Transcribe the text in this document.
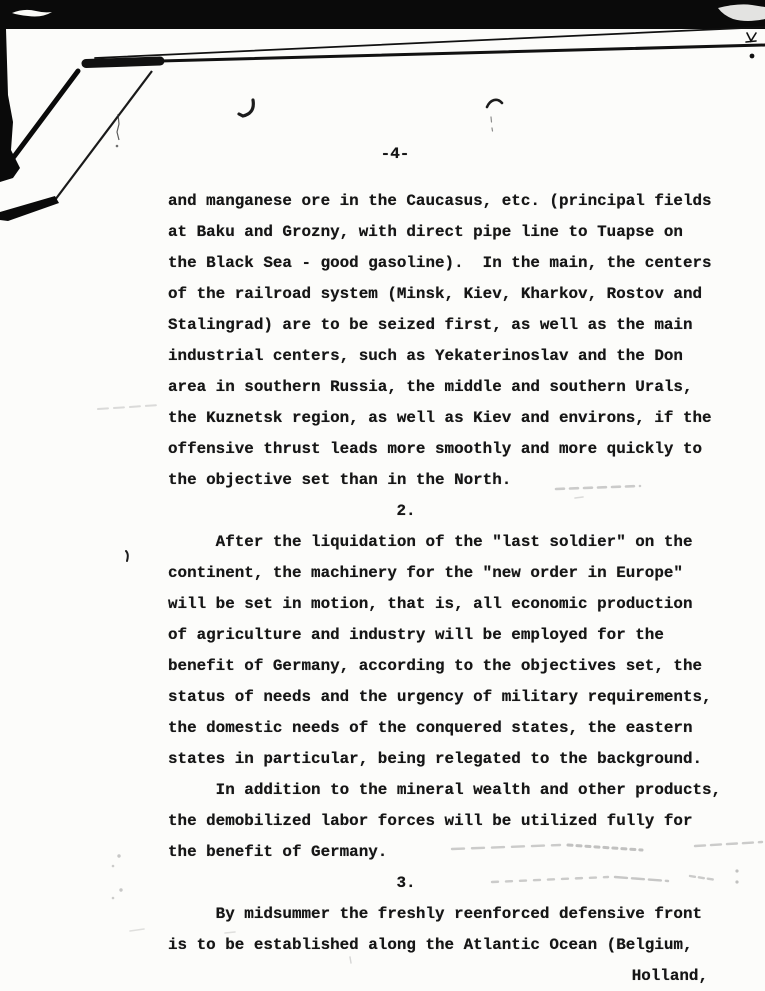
-4-
and manganese ore in the Caucasus, etc. (principal fields
at Baku and Grozny, with direct pipe line to Tuapse on
the Black Sea - good gasoline).  In the main, the centers
of the railroad system (Minsk, Kiev, Kharkov, Rostov and
Stalingrad) are to be seized first, as well as the main
industrial centers, such as Yekaterinoslav and the Don
area in southern Russia, the middle and southern Urals,
the Kuznetsk region, as well as Kiev and environs, if the
offensive thrust leads more smoothly and more quickly to
the objective set than in the North.
2.
After the liquidation of the "last soldier" on the
continent, the machinery for the "new order in Europe"
will be set in motion, that is, all economic production
of agriculture and industry will be employed for the
benefit of Germany, according to the objectives set, the
status of needs and the urgency of military requirements,
the domestic needs of the conquered states, the eastern
states in particular, being relegated to the background.
In addition to the mineral wealth and other products,
the demobilized labor forces will be utilized fully for
the benefit of Germany.
3.
By midsummer the freshly reenforced defensive front
is to be established along the Atlantic Ocean (Belgium,
Holland,
